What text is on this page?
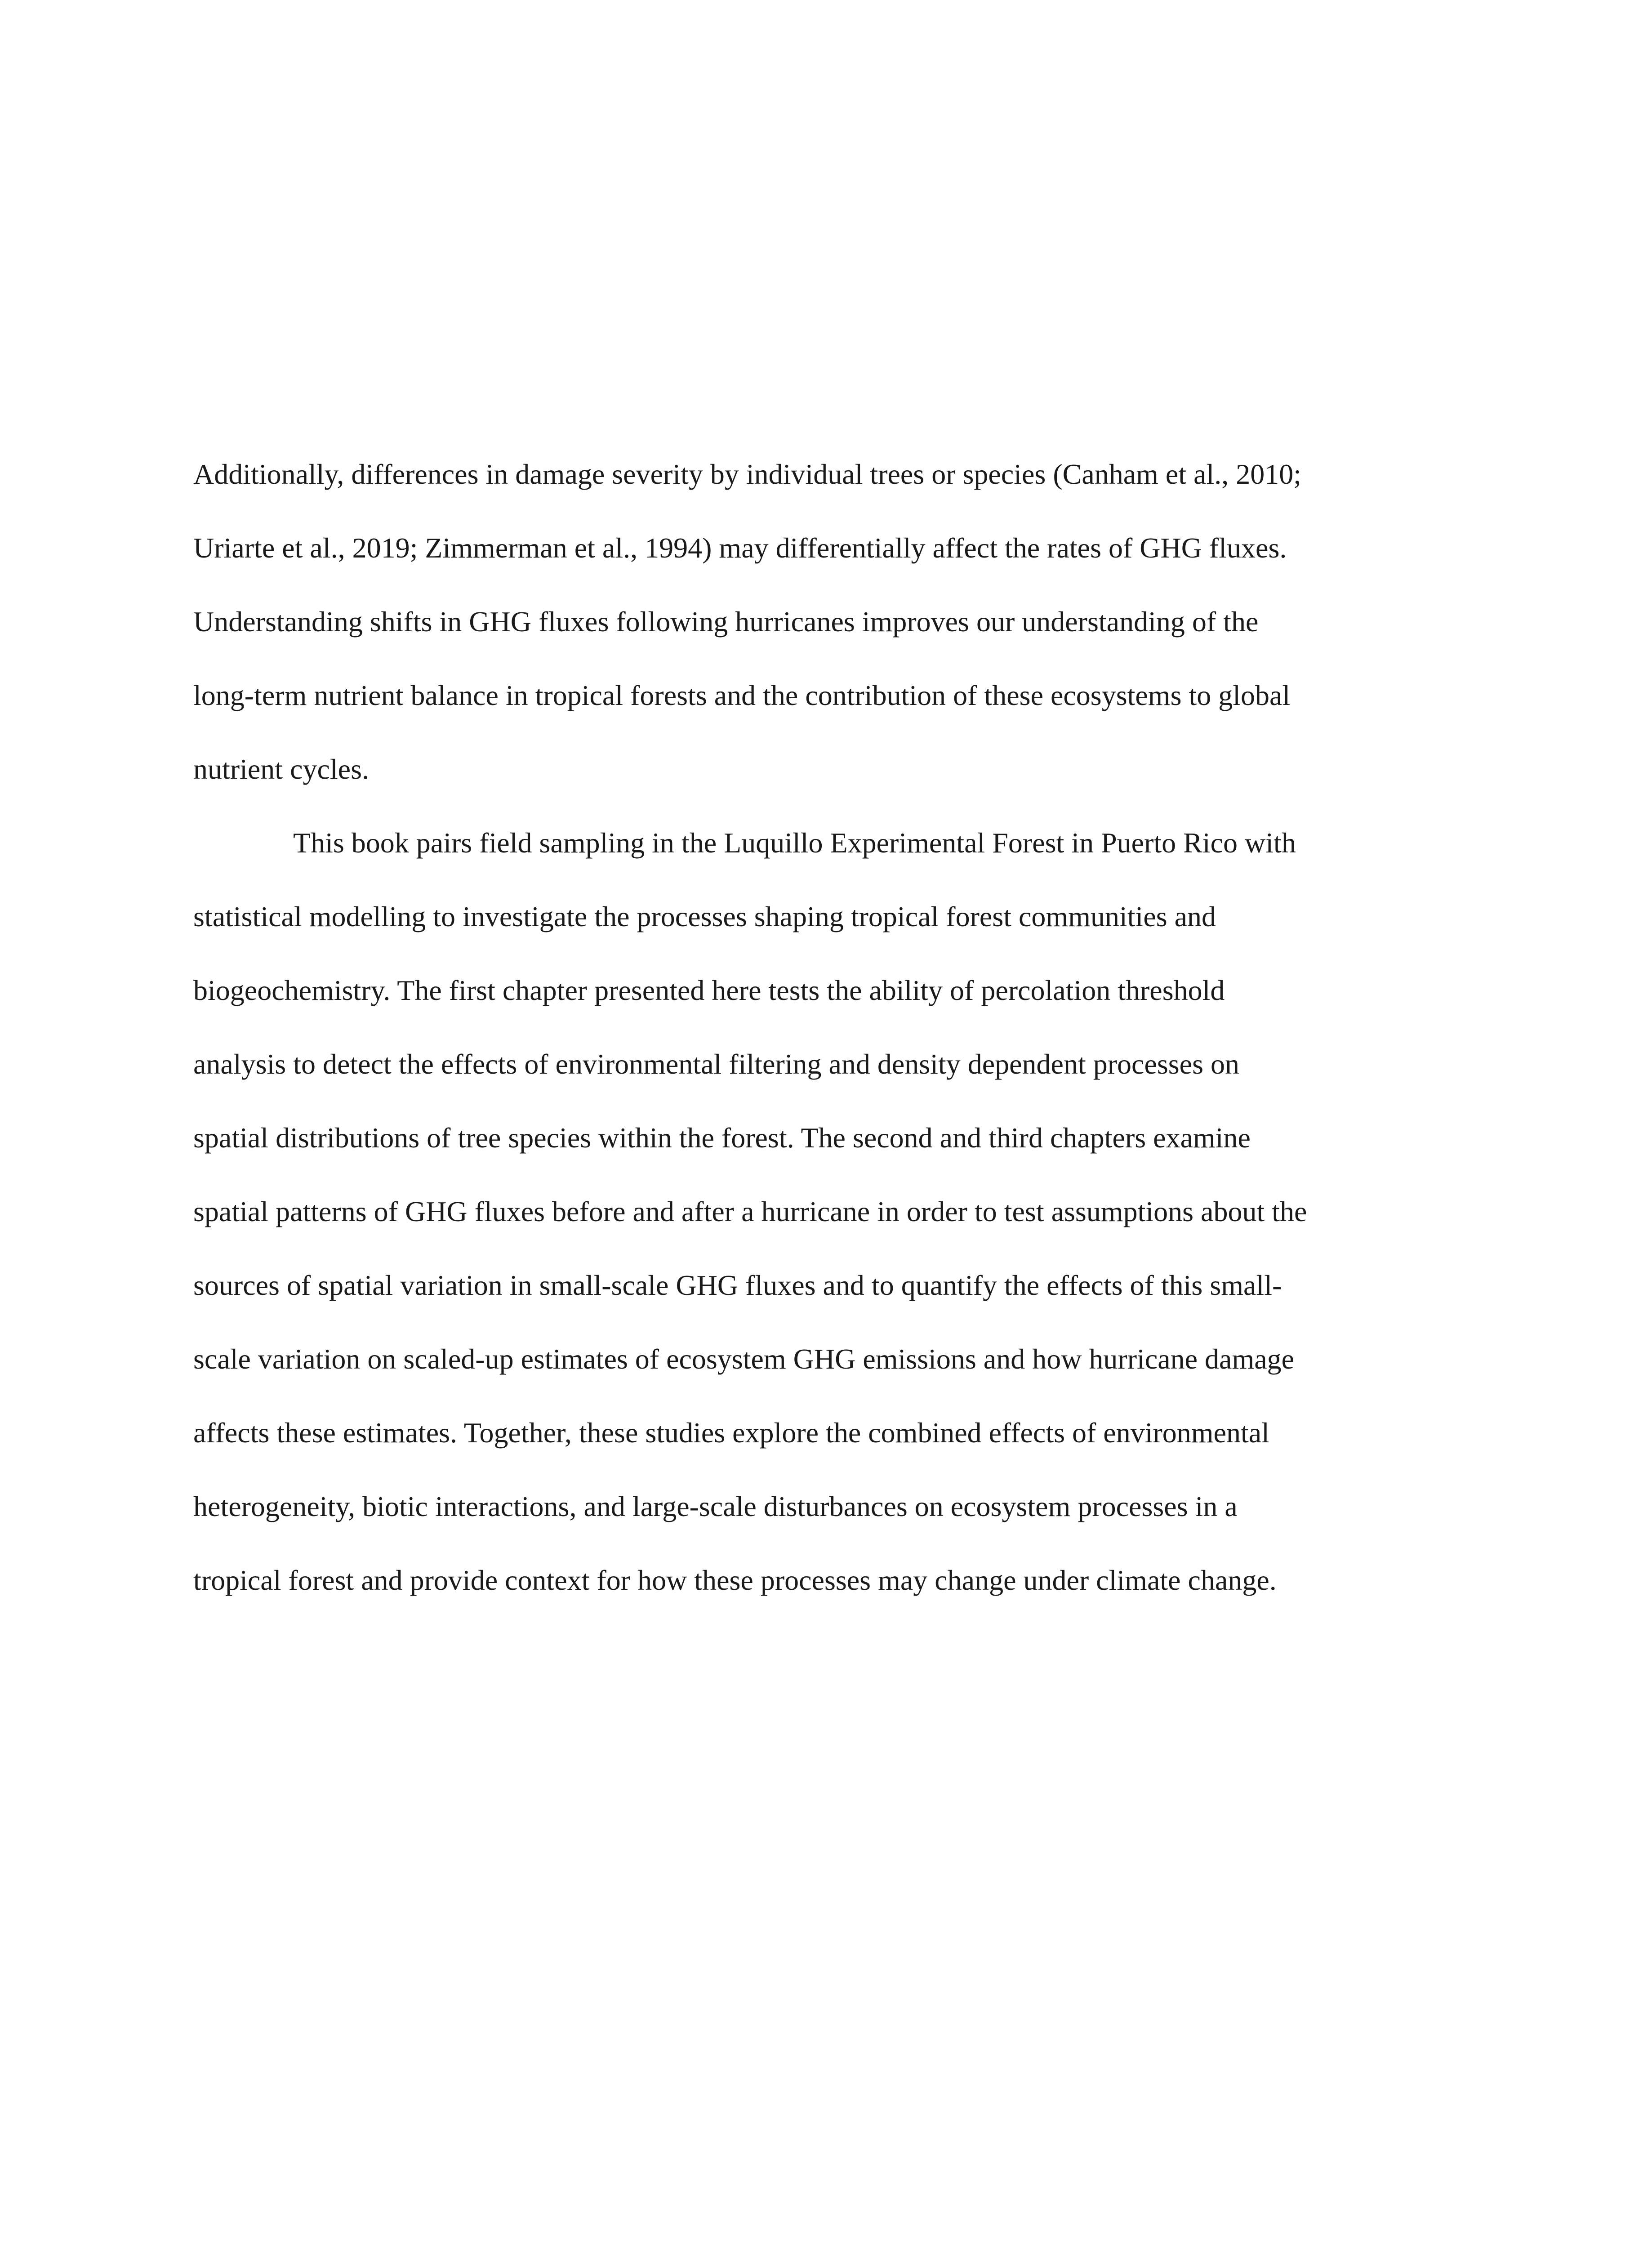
Additionally, differences in damage severity by individual trees or species (Canham et al., 2010;
Uriarte et al., 2019; Zimmerman et al., 1994) may differentially affect the rates of GHG fluxes.
Understanding shifts in GHG fluxes following hurricanes improves our understanding of the
long-term nutrient balance in tropical forests and the contribution of these ecosystems to global
nutrient cycles.
This book pairs field sampling in the Luquillo Experimental Forest in Puerto Rico with
statistical modelling to investigate the processes shaping tropical forest communities and
biogeochemistry. The first chapter presented here tests the ability of percolation threshold
analysis to detect the effects of environmental filtering and density dependent processes on
spatial distributions of tree species within the forest. The second and third chapters examine
spatial patterns of GHG fluxes before and after a hurricane in order to test assumptions about the
sources of spatial variation in small-scale GHG fluxes and to quantify the effects of this small-
scale variation on scaled-up estimates of ecosystem GHG emissions and how hurricane damage
affects these estimates. Together, these studies explore the combined effects of environmental
heterogeneity, biotic interactions, and large-scale disturbances on ecosystem processes in a
tropical forest and provide context for how these processes may change under climate change.
